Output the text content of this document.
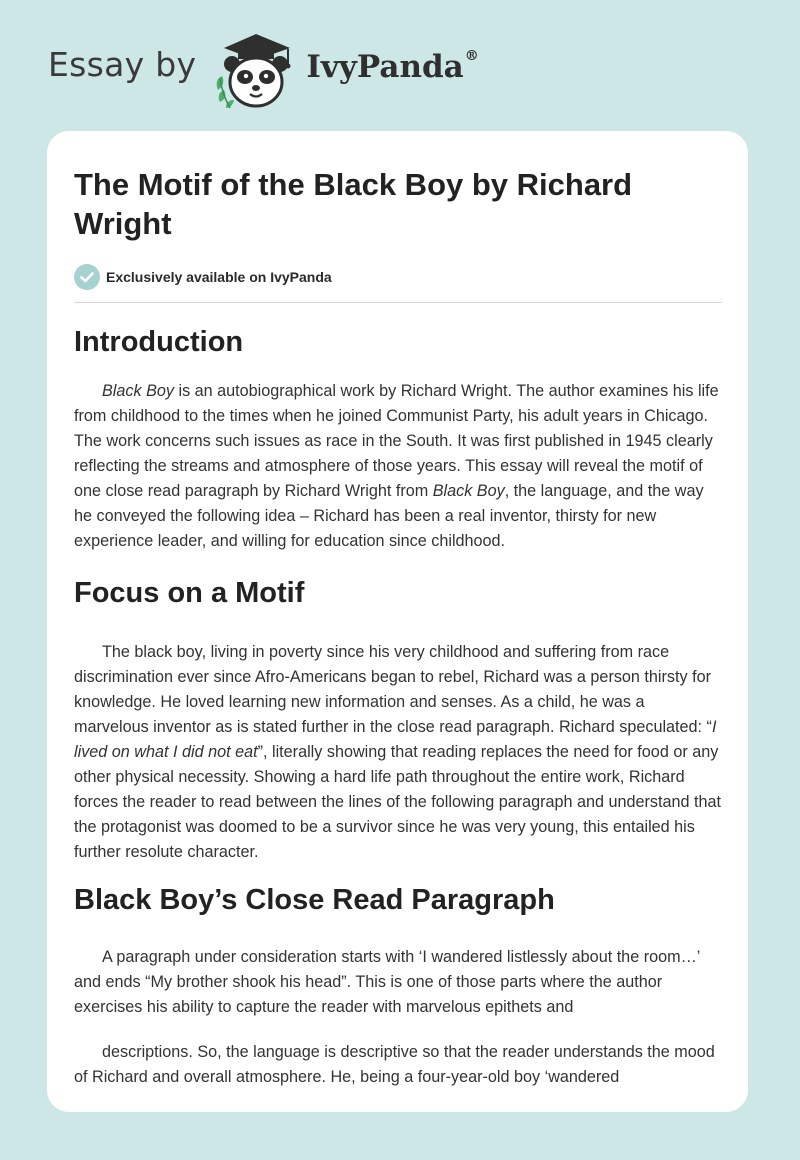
Essay by	IvyPanda®
The Motif of the Black Boy by Richard Wright
Exclusively available on IvyPanda
Introduction

Black Boy is an autobiographical work by Richard Wright. The author examines his life from childhood to the times when he joined Communist Party, his adult years in Chicago. The work concerns such issues as race in the South. It was first published in 1945 clearly reflecting the streams and atmosphere of those years. This essay will reveal the motif of one close read paragraph by Richard Wright from Black Boy, the language, and the way he conveyed the following idea – Richard has been a real inventor, thirsty for new experience leader, and willing for education since childhood.

Focus on a Motif

The black boy, living in poverty since his very childhood and suffering from race discrimination ever since Afro-Americans began to rebel, Richard was a person thirsty for knowledge. He loved learning new information and senses. As a child, he was a marvelous inventor as is stated further in the close read paragraph. Richard speculated: “I lived on what I did not eat”, literally showing that reading replaces the need for food or any other physical necessity. Showing a hard life path throughout the entire work, Richard forces the reader to read between the lines of the following paragraph and understand that the protagonist was doomed to be a survivor since he was very young, this entailed his further resolute character.

Black Boy’s Close Read Paragraph

A paragraph under consideration starts with ‘I wandered listlessly about the room…’ and ends “My brother shook his head”. This is one of those parts where the author exercises his ability to capture the reader with marvelous epithets and

descriptions. So, the language is descriptive so that the reader understands the mood of Richard and overall atmosphere. He, being a four-year-old boy ‘wandered
